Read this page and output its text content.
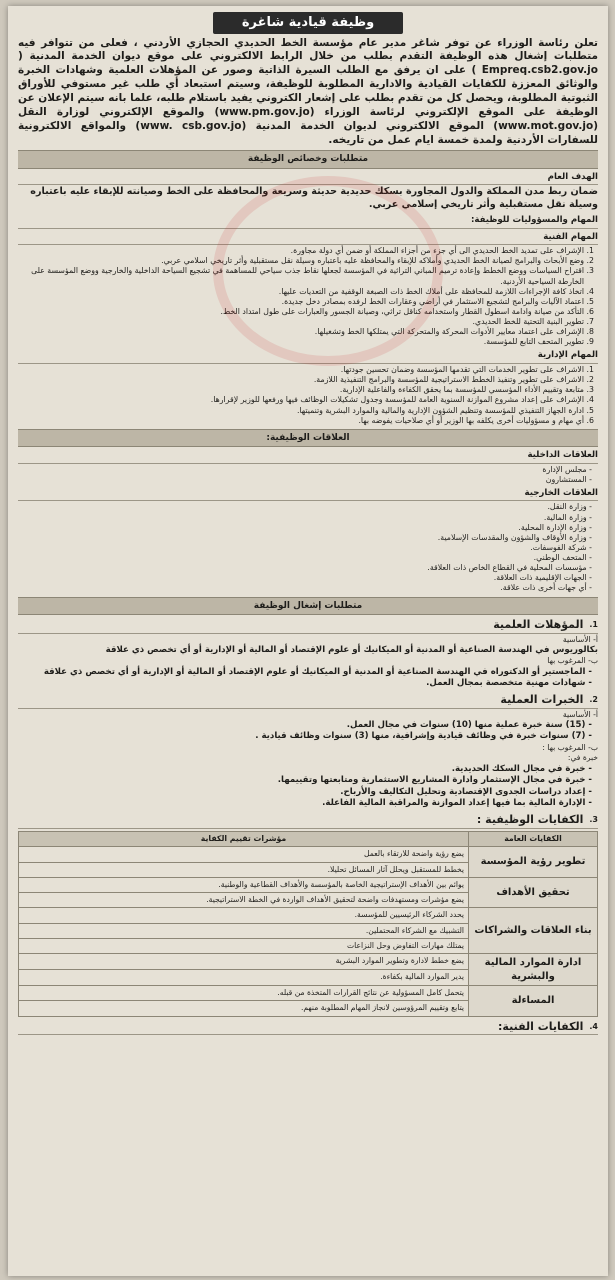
وظيفة قيادية شاغرة
تعلن رئاسة الوزراء عن توفر شاغر مدير عام مؤسسة الخط الحديدي الحجازي الأردني ، فعلى من تتوافر فيه متطلبات إشغال هذه الوظيفة التقدم بطلب من خلال الرابط الالكتروني على موقع ديوان الخدمة المدنية ( Empreq.csb2.gov.jo ) على ان يرفق مع الطلب السيرة الذاتية وصور عن المؤهلات العلمية وشهادات الخبرة والوثائق المعززة للكفايات القيادية والادارية المطلوبة للوظيفة، وسيتم استبعاد أي طلب غير مستوفي للأوراق الثبوتية المطلوبة، ويحصل كل من تقدم بطلب على إشعار الكتروني يفيد باستلام طلبه، علما بانه سيتم الإعلان عن الوظيفة على الموقع الإلكتروني لرئاسة الوزراء (www.pm.gov.jo) والموقع الإلكتروني لوزارة النقل (www.mot.gov.jo) الموقع الالكتروني لديوان الخدمة المدنية (www. csb.gov.jo) والمواقع الالكترونية للسفارات الأردنية ولمدة خمسة ايام عمل من تاريخه.
متطلبات وخصائص الوظيفة
الهدف العام
ضمان ربط مدن المملكة والدول المجاورة بسكك حديدية حديثة وسريعة والمحافظة على الخط وصيانته للإبقاء عليه باعتباره وسيلة نقل مستقبلية وأثر تاريخي إسلامي عربي.
المهام والمسؤوليات للوظيفة:
المهام الفنية
1. الإشراف على تمديد الخط الحديدي الى أي جزء من أجزاء المملكة أو ضمن أي دولة مجاورة.
2. وضع الأبحاث والبرامج لصيانة الخط الحديدي وأملاكه للإبقاء والمحافظة عليه باعتباره وسيلة نقل مستقبلية وأثر تاريخي اسلامي عربي.
3. اقتراح السياسات ووضع الخطط وإعادة ترميم المباني التراثية في المؤسسة لجعلها نقاط جذب سياحي للمساهمة في تشجيع السياحة الداخلية والخارجية ووضع المؤسسة على الخارطة السياحية الأردنية.
4. اتخاذ كافة الإجراءات اللازمة للمحافظة على أملاك الخط ذات الصبغة الوقفية من التعديات عليها.
5. اعتماد الآليات والبرامج لتشجيع الاستثمار في أراضي وعقارات الخط لرفده بمصادر دخل جديدة.
6. التأكد من صيانة وادامة اسطول القطار واستخدامه كناقل تراثي، وصيانة الجسور والعبارات على طول امتداد الخط.
7. تطوير البنية التحتية للخط الحديدي.
8. الإشراف على اعتماد معايير الأدوات المحركة والمتحركة التي يمتلكها الخط وتشغيلها.
9. تطوير المتحف التابع للمؤسسة.
المهام الإدارية
1. الاشراف على تطوير الخدمات التي تقدمها المؤسسة وضمان تحسين جودتها.
2. الاشراف على تطوير وتنفيذ الخطط الاستراتيجية للمؤسسة والبرامج التنفيذية اللازمة.
3. متابعة وتقييم الأداء المؤسسي للمؤسسة بما يحقق الكفاءة والفاعلية الإدارية.
4. الإشراف على إعداد مشروع الموازنة السنوية العامة للمؤسسة وجدول تشكيلات الوظائف فيها ورفعها للوزير لإقرارها.
5. ادارة الجهاز التنفيذي للمؤسسة وتنظيم الشؤون الإدارية والمالية والموارد البشرية وتنميتها.
6. أي مهام و مسؤوليات أخرى يكلفه بها الوزير أو أي صلاحيات يفوضه بها.
العلاقات الوظيفية:
العلاقات الداخلية
- مجلس الإدارة
- المستشارون
العلاقات الخارجية
- وزارة النقل.
- وزارة المالية.
- وزارة الإدارة المحلية.
- وزارة الأوقاف والشؤون والمقدسات الإسلامية.
- شركة الفوسفات.
- المتحف الوطني.
- مؤسسات المحلية في القطاع الخاص ذات العلاقة.
- الجهات الإقليمية ذات العلاقة.
- أي جهات أخرى ذات علاقة.
متطلبات إشغال الوظيفة
1.
المؤهلات العلمية
أ- الأساسية
بكالوريوس في الهندسة الصناعية أو المدنية أو الميكانيك أو علوم الإقتصاد أو المالية أو الإدارية أو أي تخصص ذي علاقة
ب- المرغوب بها
- الماجستير أو الدكتوراه في الهندسة الصناعية أو المدنية أو الميكانيك أو علوم الإقتصاد أو المالية أو الإدارية أو أي تخصص ذي علاقة
- شهادات مهنية متخصصة بمجال العمل.
2.
الخبرات العملية
أ- الأساسية
- (15) سنة خبرة عملية منها (10) سنوات في مجال العمل.
- (7) سنوات خبرة في وظائف قيادية وإشرافية، منها (3) سنوات وظائف قيادية .
ب- المرغوب بها :
خبرة في:
- خبرة في مجال السكك الحديدية.
- خبرة في مجال الإستثمار وادارة المشاريع الاستثمارية ومتابعتها وتقييمها.
- إعداد دراسات الجدوى الإقتصادية وتحليل التكاليف والأرباح.
- الإدارة المالية بما فيها إعداد الموازنة والمراقبة المالية الفاعلة.
3.
الكفايات الوظيفية :
الكفايات العامة	مؤشرات تقييم الكفاية
تطوير رؤية المؤسسة	يضع رؤية واضحة للارتقاء بالعمل
	يخطط للمستقبل ويحلل آثار المسائل تحليلا.
تحقيق الأهداف	يوائم بين الأهداف الإستراتيجية الخاصة بالمؤسسة والأهداف القطاعية والوطنية.
	يضع مؤشرات ومستهدفات واضحة لتحقيق الأهداف الواردة في الخطة الاستراتيجية.
بناء العلاقات والشراكات	يحدد الشركاء الرئيسيين للمؤسسة.
	التشبيك مع الشركاء المحتملين.
	يمتلك مهارات التفاوض وحل النزاعات
ادارة الموارد المالية والبشرية	يضع خطط لادارة وتطوير الموارد البشرية
	يدير الموارد المالية بكفاءة.
المساءلة	يتحمل كامل المسؤولية عن نتائج القرارات المتخذة من قبله.
	يتابع وتقييم المرؤوسين لانجاز المهام المطلوبة منهم.
4.
الكفايات الفنية:
